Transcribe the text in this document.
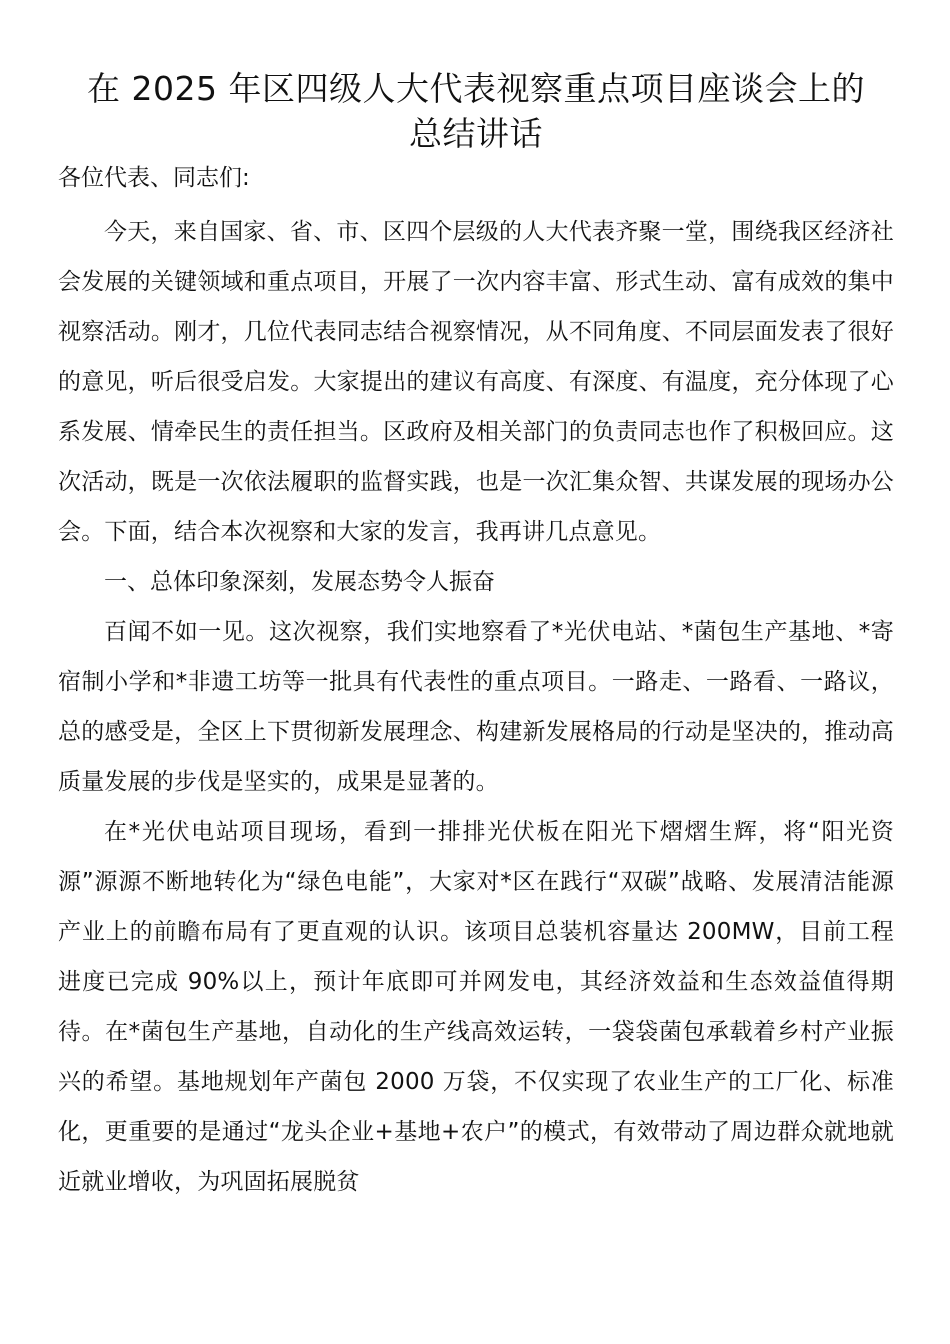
在 2025 年区四级人大代表视察重点项目座谈会上的
总结讲话

各位代表、同志们:

今天，来自国家、省、市、区四个层级的人大代表齐聚一堂，围绕我区经济社会发展的关键领域和重点项目，开展了一次内容丰富、形式生动、富有成效的集中视察活动。刚才，几位代表同志结合视察情况，从不同角度、不同层面发表了很好的意见，听后很受启发。大家提出的建议有高度、有深度、有温度，充分体现了心系发展、情牵民生的责任担当。区政府及相关部门的负责同志也作了积极回应。这次活动，既是一次依法履职的监督实践，也是一次汇集众智、共谋发展的现场办公会。下面，结合本次视察和大家的发言，我再讲几点意见。

一、总体印象深刻，发展态势令人振奋

百闻不如一见。这次视察，我们实地察看了*光伏电站、*菌包生产基地、*寄宿制小学和*非遗工坊等一批具有代表性的重点项目。一路走、一路看、一路议，总的感受是，全区上下贯彻新发展理念、构建新发展格局的行动是坚决的，推动高质量发展的步伐是坚实的，成果是显著的。

在*光伏电站项目现场，看到一排排光伏板在阳光下熠熠生辉，将“阳光资源”源源不断地转化为“绿色电能”，大家对*区在践行“双碳”战略、发展清洁能源产业上的前瞻布局有了更直观的认识。该项目总装机容量达 200MW，目前工程进度已完成 90%以上，预计年底即可并网发电，其经济效益和生态效益值得期待。在*菌包生产基地，自动化的生产线高效运转，一袋袋菌包承载着乡村产业振兴的希望。基地规划年产菌包 2000 万袋，不仅实现了农业生产的工厂化、标准化，更重要的是通过“龙头企业+基地+农户”的模式，有效带动了周边群众就地就近就业增收，为巩固拓展脱贫
